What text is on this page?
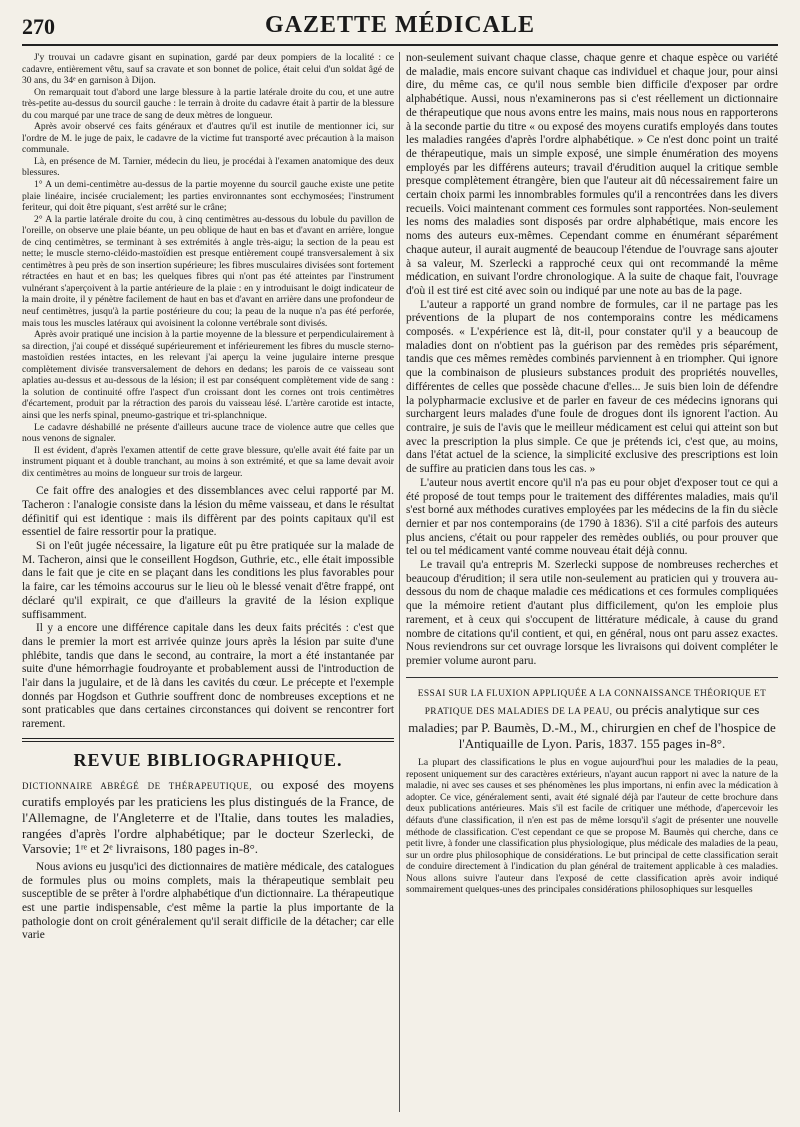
270	GAZETTE MÉDICALE

J'y trouvai un cadavre gisant en supination, gardé par deux pompiers de la localité : ce cadavre, entièrement vêtu, sauf sa cravate et son bonnet de police, était celui d'un soldat âgé de 30 ans, du 34ᵉ en garnison à Dijon.

On remarquait tout d'abord une large blessure à la partie latérale droite du cou, et une autre très-petite au-dessus du sourcil gauche : le terrain à droite du cadavre était à partir de la blessure du cou marqué par une trace de sang de deux mètres de longueur.

Après avoir observé ces faits généraux et d'autres qu'il est inutile de mentionner ici, sur l'ordre de M. le juge de paix, le cadavre de la victime fut transporté avec précaution à la maison communale.

Là, en présence de M. Tarnier, médecin du lieu, je procédai à l'examen anatomique des deux blessures.

1° A un demi-centimètre au-dessus de la partie moyenne du sourcil gauche existe une petite plaie linéaire, incisée crucialement; les parties environnantes sont ecchymosées; l'instrument feriteur, qui doit être piquant, s'est arrêté sur le crâne;

2° A la partie latérale droite du cou, à cinq centimètres au-dessous du lobule du pavillon de l'oreille, on observe une plaie béante, un peu oblique de haut en bas et d'avant en arrière, longue de cinq centimètres, se terminant à ses extrémités à angle très-aigu; la section de la peau est nette; le muscle sterno-cléido-mastoïdien est presque entièrement coupé transversalement à six centimètres à peu près de son insertion supérieure; les fibres musculaires divisées sont fortement rétractées en haut et en bas; les quelques fibres qui n'ont pas été atteintes par l'instrument vulnérant s'aperçoivent à la partie antérieure de la plaie : en y introduisant le doigt indicateur de la main droite, il y pénètre facilement de haut en bas et d'avant en arrière dans une profondeur de neuf centimètres, jusqu'à la partie postérieure du cou; la peau de la nuque n'a pas été perforée, mais tous les muscles latéraux qui avoisinent la colonne vertébrale sont divisés.

Après avoir pratiqué une incision à la partie moyenne de la blessure et perpendiculairement à sa direction, j'ai coupé et disséqué supérieurement et inférieurement les fibres du muscle sterno-mastoïdien restées intactes, en les relevant j'ai aperçu la veine jugulaire interne presque complètement divisée transversalement de dehors en dedans; les parois de ce vaisseau sont aplaties au-dessus et au-dessous de la lésion; il est par conséquent complètement vide de sang : la solution de continuité offre l'aspect d'un croissant dont les cornes ont trois centimètres d'écartement, produit par la rétraction des parois du vaisseau lésé. L'artère carotide est intacte, ainsi que les nerfs spinal, pneumo-gastrique et tri-splanchnique.

Le cadavre déshabillé ne présente d'ailleurs aucune trace de violence autre que celles que nous venons de signaler.

Il est évident, d'après l'examen attentif de cette grave blessure, qu'elle avait été faite par un instrument piquant et à double tranchant, au moins à son extrémité, et que sa lame devait avoir dix centimètres au moins de longueur sur trois de largeur.

Ce fait offre des analogies et des dissemblances avec celui rapporté par M. Tacheron : l'analogie consiste dans la lésion du même vaisseau, et dans le résultat définitif qui est identique : mais ils diffèrent par des points capitaux qu'il est essentiel de faire ressortir pour la pratique.

Si on l'eût jugée nécessaire, la ligature eût pu être pratiquée sur la malade de M. Tacheron, ainsi que le conseillent Hogdson, Guthrie, etc., elle était impossible dans le fait que je cite en se plaçant dans les conditions les plus favorables pour la faire, car les témoins accourus sur le lieu où le blessé venait d'être frappé, ont déclaré qu'il expirait, ce que d'ailleurs la gravité de la lésion explique suffisamment.

Il y a encore une différence capitale dans les deux faits précités : c'est que dans le premier la mort est arrivée quinze jours après la lésion par suite d'une phlébite, tandis que dans le second, au contraire, la mort a été instantanée par suite d'une hémorrhagie foudroyante et probablement aussi de l'introduction de l'air dans la jugulaire, et de là dans les cavités du cœur. Le précepte et l'exemple donnés par Hogdson et Guthrie souffrent donc de nombreuses exceptions et ne sont praticables que dans certaines circonstances qui doivent se rencontrer fort rarement.

REVUE BIBLIOGRAPHIQUE.
DICTIONNAIRE ABRÉGÉ DE THÉRAPEUTIQUE, ou exposé des moyens curatifs employés par les praticiens les plus distingués de la France, de l'Allemagne, de l'Angleterre et de l'Italie, dans toutes les maladies, rangées d'après l'ordre alphabétique; par le docteur Szerlecki, de Varsovie; 1ʳᵉ et 2ᵉ livraisons, 180 pages in-8°.

Nous avions eu jusqu'ici des dictionnaires de matière médicale, des catalogues de formules plus ou moins complets, mais la thérapeutique semblait peu susceptible de se prêter à l'ordre alphabétique d'un dictionnaire. La thérapeutique est une partie indispensable, c'est même la partie la plus importante de la pathologie dont on croit généralement qu'il serait difficile de la détacher; car elle varie

non-seulement suivant chaque classe, chaque genre et chaque espèce ou variété de maladie, mais encore suivant chaque cas individuel et chaque jour, pour ainsi dire, du même cas, ce qu'il nous semble bien difficile d'exposer par ordre alphabétique. Aussi, nous n'examinerons pas si c'est réellement un dictionnaire de thérapeutique que nous avons entre les mains, mais nous nous en rapporterons à la seconde partie du titre « ou exposé des moyens curatifs employés dans toutes les maladies rangées d'après l'ordre alphabétique. » Ce n'est donc point un traité de thérapeutique, mais un simple exposé, une simple énumération des moyens employés par les différens auteurs; travail d'érudition auquel la critique semble presque complètement étrangère, bien que l'auteur ait dû nécessairement faire un certain choix parmi les innombrables formules qu'il a rencontrées dans les divers recueils. Voici maintenant comment ces formules sont rapportées. Non-seulement les noms des maladies sont disposés par ordre alphabétique, mais encore les noms des auteurs eux-mêmes. Cependant comme en énumérant séparément chaque auteur, il aurait augmenté de beaucoup l'étendue de l'ouvrage sans ajouter à sa valeur, M. Szerlecki a rapproché ceux qui ont recommandé la même médication, en suivant l'ordre chronologique. A la suite de chaque fait, l'ouvrage d'où il est tiré est cité avec soin ou indiqué par une note au bas de la page.

L'auteur a rapporté un grand nombre de formules, car il ne partage pas les préventions de la plupart de nos contemporains contre les médicamens composés. « L'expérience est là, dit-il, pour constater qu'il y a beaucoup de maladies dont on n'obtient pas la guérison par des remèdes pris séparément, tandis que ces mêmes remèdes combinés parviennent à en triompher. Qui ignore que la combinaison de plusieurs substances produit des propriétés nouvelles, différentes de celles que possède chacune d'elles... Je suis bien loin de défendre la polypharmacie exclusive et de parler en faveur de ces médecins ignorans qui surchargent leurs malades d'une foule de drogues dont ils ignorent l'action. Au contraire, je suis de l'avis que le meilleur médicament est celui qui atteint son but avec la prescription la plus simple. Ce que je prétends ici, c'est que, au moins, dans l'état actuel de la science, la simplicité exclusive des prescriptions est loin de suffire au praticien dans tous les cas. »

L'auteur nous avertit encore qu'il n'a pas eu pour objet d'exposer tout ce qui a été proposé de tout temps pour le traitement des différentes maladies, mais qu'il s'est borné aux méthodes curatives employées par les médecins de la fin du siècle dernier et par nos contemporains (de 1790 à 1836). S'il a cité parfois des auteurs plus anciens, c'était ou pour rappeler des remèdes oubliés, ou pour prouver que tel ou tel médicament vanté comme nouveau était déjà connu.

Le travail qu'a entrepris M. Szerlecki suppose de nombreuses recherches et beaucoup d'érudition; il sera utile non-seulement au praticien qui y trouvera au-dessous du nom de chaque maladie ces médications et ces formules compliquées que la mémoire retient d'autant plus difficilement, qu'on les emploie plus rarement, et à ceux qui s'occupent de littérature médicale, à cause du grand nombre de citations qu'il contient, et qui, en général, nous ont paru assez exactes. Nous reviendrons sur cet ouvrage lorsque les livraisons qui doivent compléter le premier volume auront paru.

ESSAI SUR LA FLUXION APPLIQUÉE A LA CONNAISSANCE THÉORIQUE ET PRATIQUE DES MALADIES DE LA PEAU, ou précis analytique sur ces maladies; par P. Baumès, D.-M., M., chirurgien en chef de l'hospice de l'Antiquaille de Lyon. Paris, 1837. 155 pages in-8°.

La plupart des classifications le plus en vogue aujourd'hui pour les maladies de la peau, reposent uniquement sur des caractères extérieurs, n'ayant aucun rapport ni avec la nature de la maladie, ni avec ses causes et ses phénomènes les plus importans, ni enfin avec la médication à adopter. Ce vice, généralement senti, avait été signalé déjà par l'auteur de cette brochure dans deux publications antérieures. Mais s'il est facile de critiquer une méthode, d'apercevoir les défauts d'une classification, il n'en est pas de même lorsqu'il s'agit de présenter une nouvelle méthode de classification. C'est cependant ce que se propose M. Baumès qui cherche, dans ce petit livre, à fonder une classification plus physiologique, plus médicale des maladies de la peau, sur un ordre plus philosophique de considérations. Le but principal de cette classification serait de conduire directement à l'indication du plan général de traitement applicable à ces maladies. Nous allons suivre l'auteur dans l'exposé de cette classification après avoir indiqué sommairement quelques-unes des principales considérations philosophiques sur lesquelles
